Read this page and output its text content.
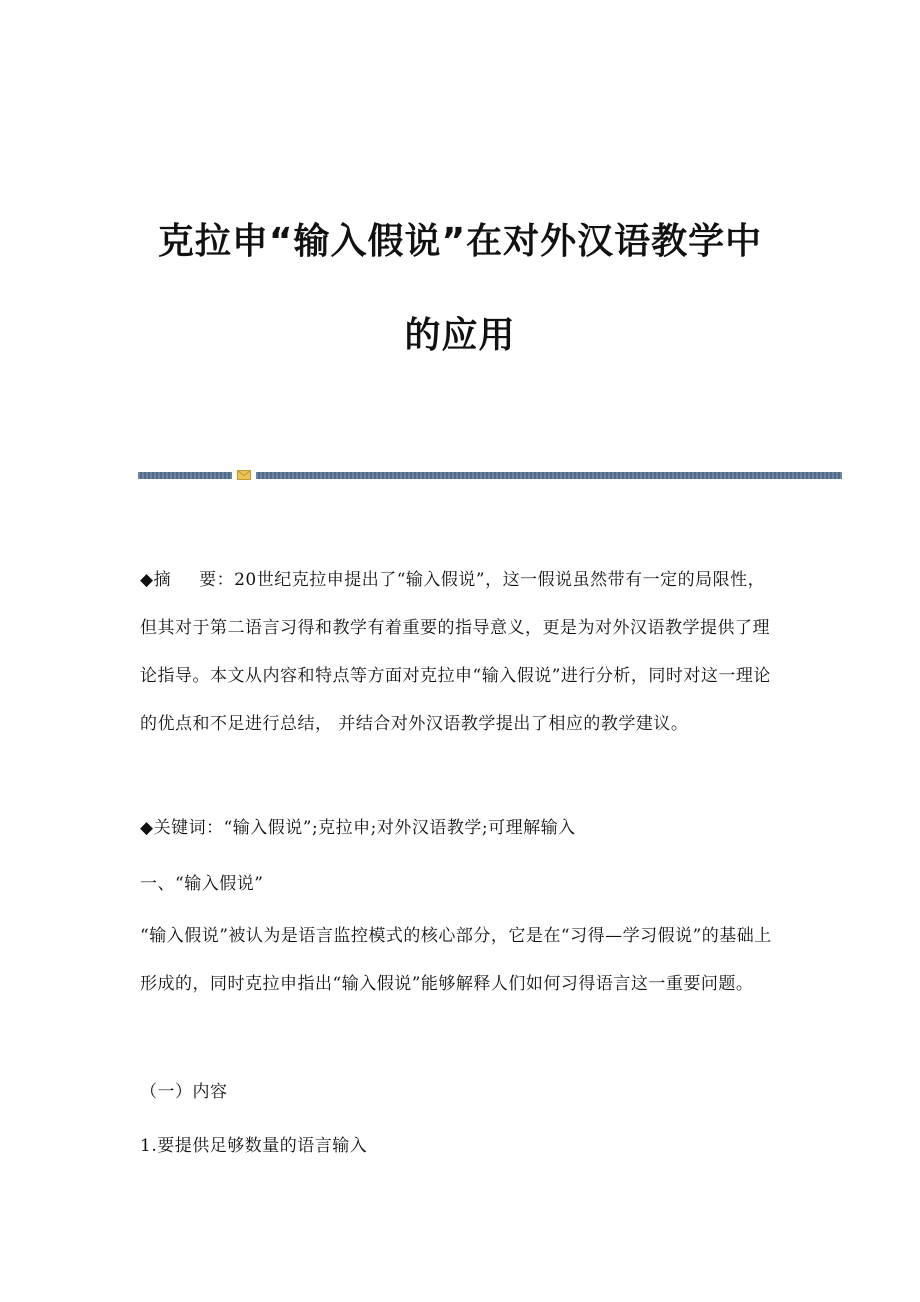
克拉申“输入假说”在对外汉语教学中
的应用

◆摘 要：20世纪克拉申提出了“输入假说”，这一假说虽然带有一定的局限性，但其对于第二语言习得和教学有着重要的指导意义，更是为对外汉语教学提供了理论指导。本文从内容和特点等方面对克拉申“输入假说”进行分析，同时对这一理论的优点和不足进行总结， 并结合对外汉语教学提出了相应的教学建议。

◆关键词：“输入假说”;克拉申;对外汉语教学;可理解输入

一、“输入假说”

“输入假说”被认为是语言监控模式的核心部分，它是在“习得—学习假说”的基础上形成的，同时克拉申指出“输入假说”能够解释人们如何习得语言这一重要问题。

（一）内容

1.要提供足够数量的语言输入
